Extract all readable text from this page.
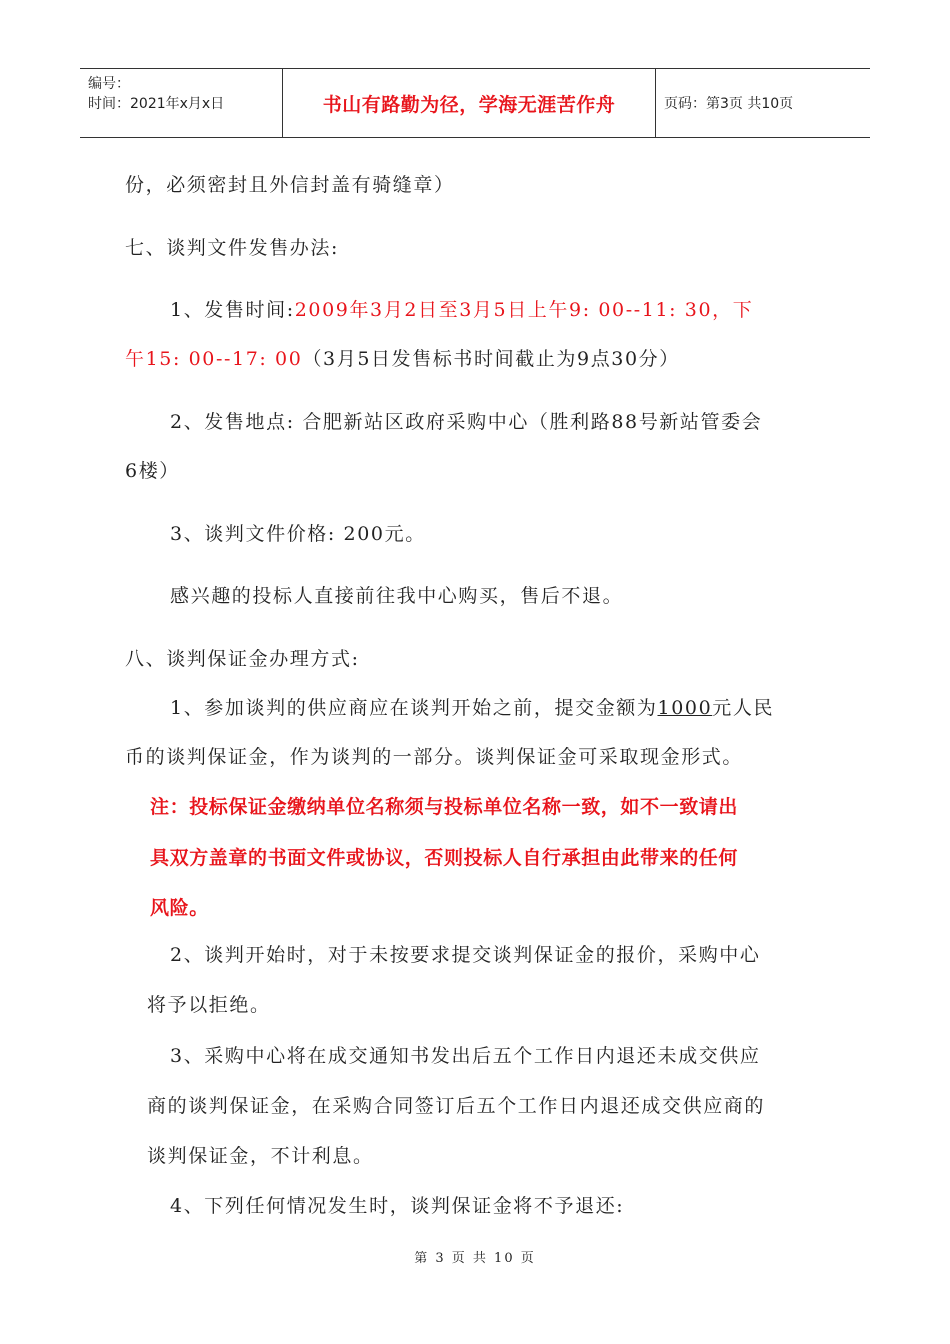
编号：
时间：2021年x月x日	书山有路勤为径，学海无涯苦作舟	页码：第3页 共10页
份，必须密封且外信封盖有骑缝章）
七、谈判文件发售办法:
1、发售时间:2009年3月2日至3月5日上午9: 00--11: 30，下
午15: 00--17: 00（3月5日发售标书时间截止为9点30分）
2、发售地点: 合肥新站区政府采购中心（胜利路88号新站管委会
6楼）
3、谈判文件价格: 200元。
感兴趣的投标人直接前往我中心购买，售后不退。
八、谈判保证金办理方式:
1、参加谈判的供应商应在谈判开始之前，提交金额为1000元人民
币的谈判保证金，作为谈判的一部分。谈判保证金可采取现金形式。
注：投标保证金缴纳单位名称须与投标单位名称一致，如不一致请出
具双方盖章的书面文件或协议，否则投标人自行承担由此带来的任何
风险。
2、谈判开始时，对于未按要求提交谈判保证金的报价，采购中心
将予以拒绝。
3、采购中心将在成交通知书发出后五个工作日内退还未成交供应
商的谈判保证金，在采购合同签订后五个工作日内退还成交供应商的
谈判保证金，不计利息。
4、下列任何情况发生时，谈判保证金将不予退还:
第 3 页 共 10 页
